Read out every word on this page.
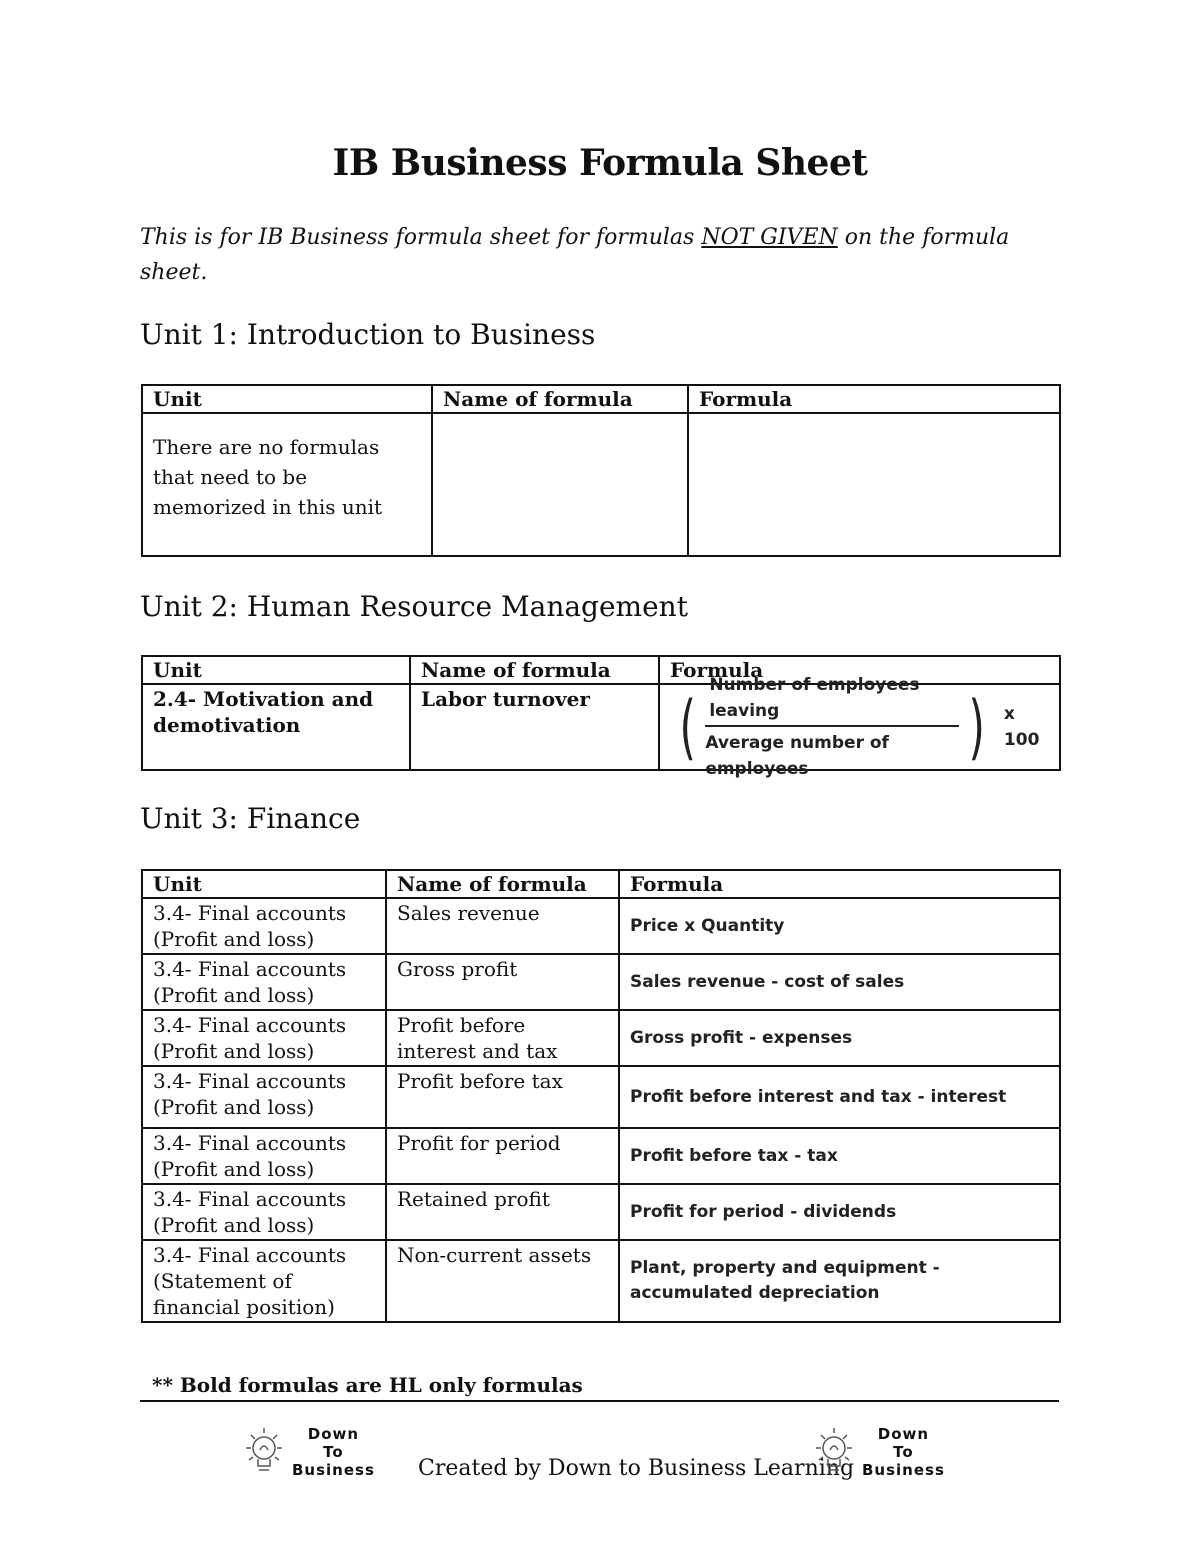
IB Business Formula Sheet

This is for IB Business formula sheet for formulas NOT GIVEN on the formula sheet.

Unit 1: Introduction to Business
Unit	Name of formula	Formula
There are no formulas that need to be memorized in this unit		
Unit 2: Human Resource Management
Unit	Name of formula	Formula
2.4- Motivation and demotivation	Labor turnover	( $\frac{\text{Number of employees leaving}}{\text{Average number of employees}}$ ) x 100
Unit 3: Finance
Unit	Name of formula	Formula
3.4- Final accounts (Profit and loss)	Sales revenue	Price x Quantity
3.4- Final accounts (Profit and loss)	Gross profit	Sales revenue - cost of sales
3.4- Final accounts (Profit and loss)	Profit before interest and tax	Gross profit - expenses
3.4- Final accounts (Profit and loss)	Profit before tax	Profit before interest and tax - interest
3.4- Final accounts (Profit and loss)	Profit for period	Profit before tax - tax
3.4- Final accounts (Profit and loss)	Retained profit	Profit for period - dividends
3.4- Final accounts (Statement of financial position)	Non-current assets	Plant, property and equipment - accumulated depreciation

** Bold formulas are HL only formulas

Down
To
Business Created by Down to Business Learning

Down
To
Business
